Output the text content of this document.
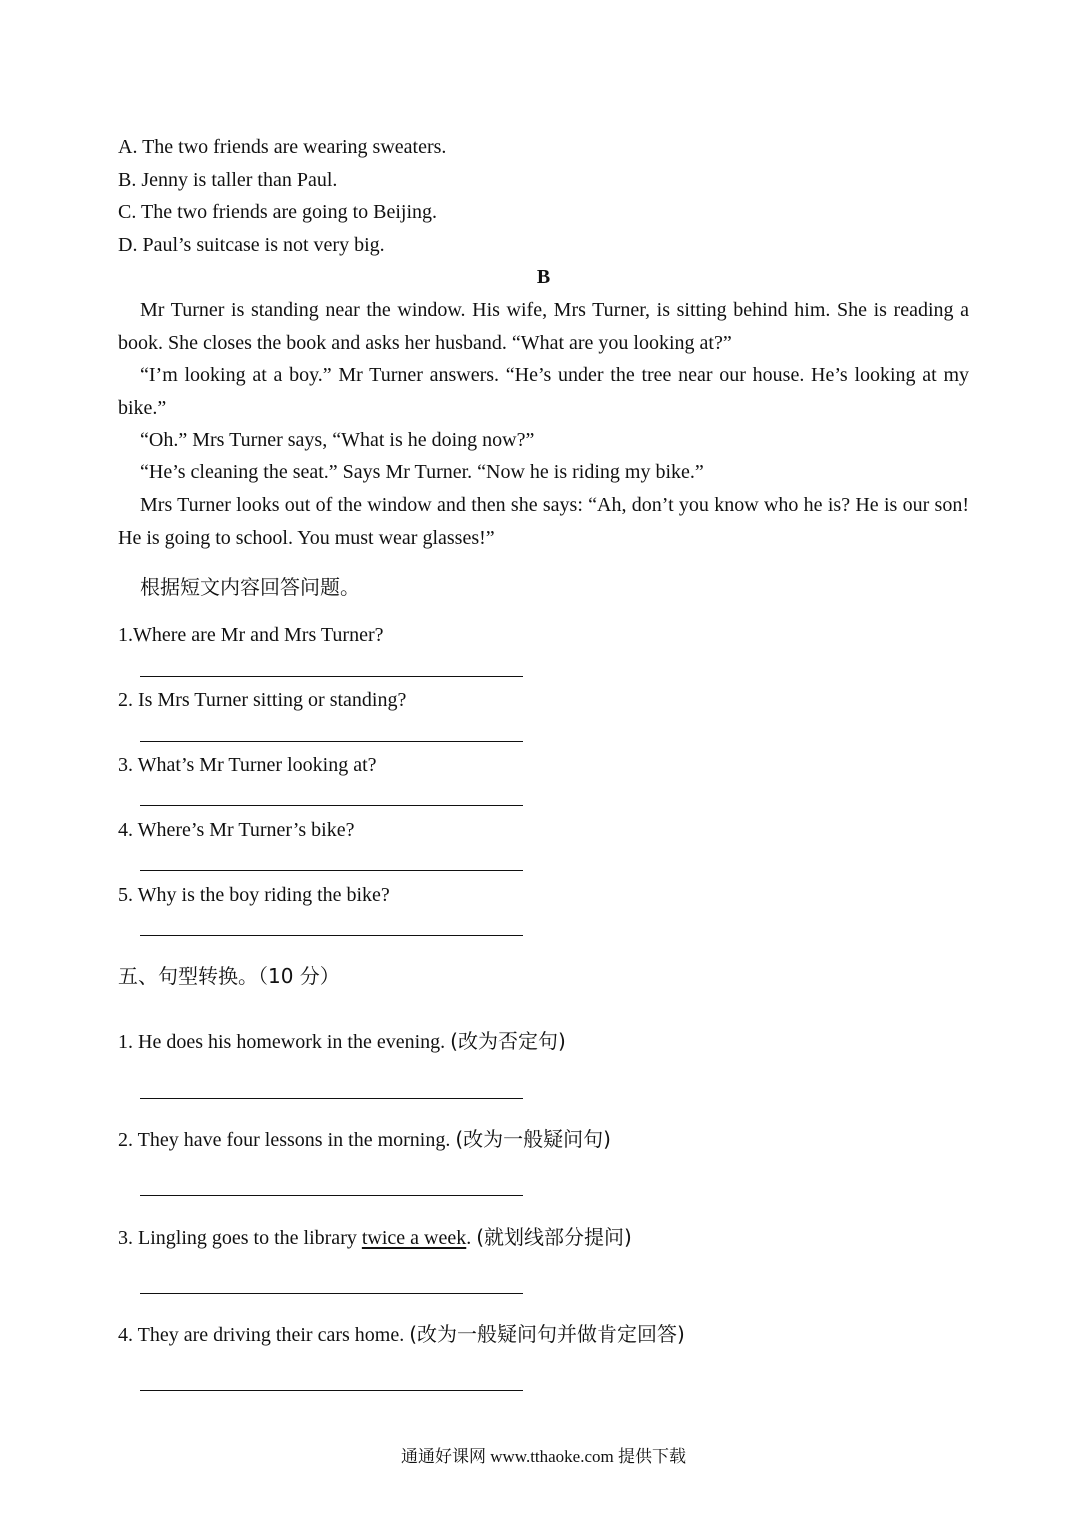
A. The two friends are wearing sweaters.
B. Jenny is taller than Paul.
C. The two friends are going to Beijing.
D. Paul’s suitcase is not very big.
B
Mr Turner is standing near the window. His wife, Mrs Turner, is sitting behind him. She is reading a book. She closes the book and asks her husband. “What are you looking at?”
“I’m looking at a boy.” Mr Turner answers. “He’s under the tree near our house. He’s looking at my bike.”
“Oh.” Mrs Turner says, “What is he doing now?”
“He’s cleaning the seat.” Says Mr Turner. “Now he is riding my bike.”
Mrs Turner looks out of the window and then she says: “Ah, don’t you know who he is? He is our son! He is going to school. You must wear glasses!”
根据短文内容回答问题。
1.Where are Mr and Mrs Turner?
2. Is Mrs Turner sitting or standing?
3. What’s Mr Turner looking at?
4. Where’s Mr Turner’s bike?
5. Why is the boy riding the bike?
五、句型转换。（10 分）
1. He does his homework in the evening. (改为否定句)
2. They have four lessons in the morning. (改为一般疑问句)
3. Lingling goes to the library twice a week. (就划线部分提问)
4. They are driving their cars home. (改为一般疑问句并做肯定回答)
通通好课网 www.tthaoke.com 提供下载
